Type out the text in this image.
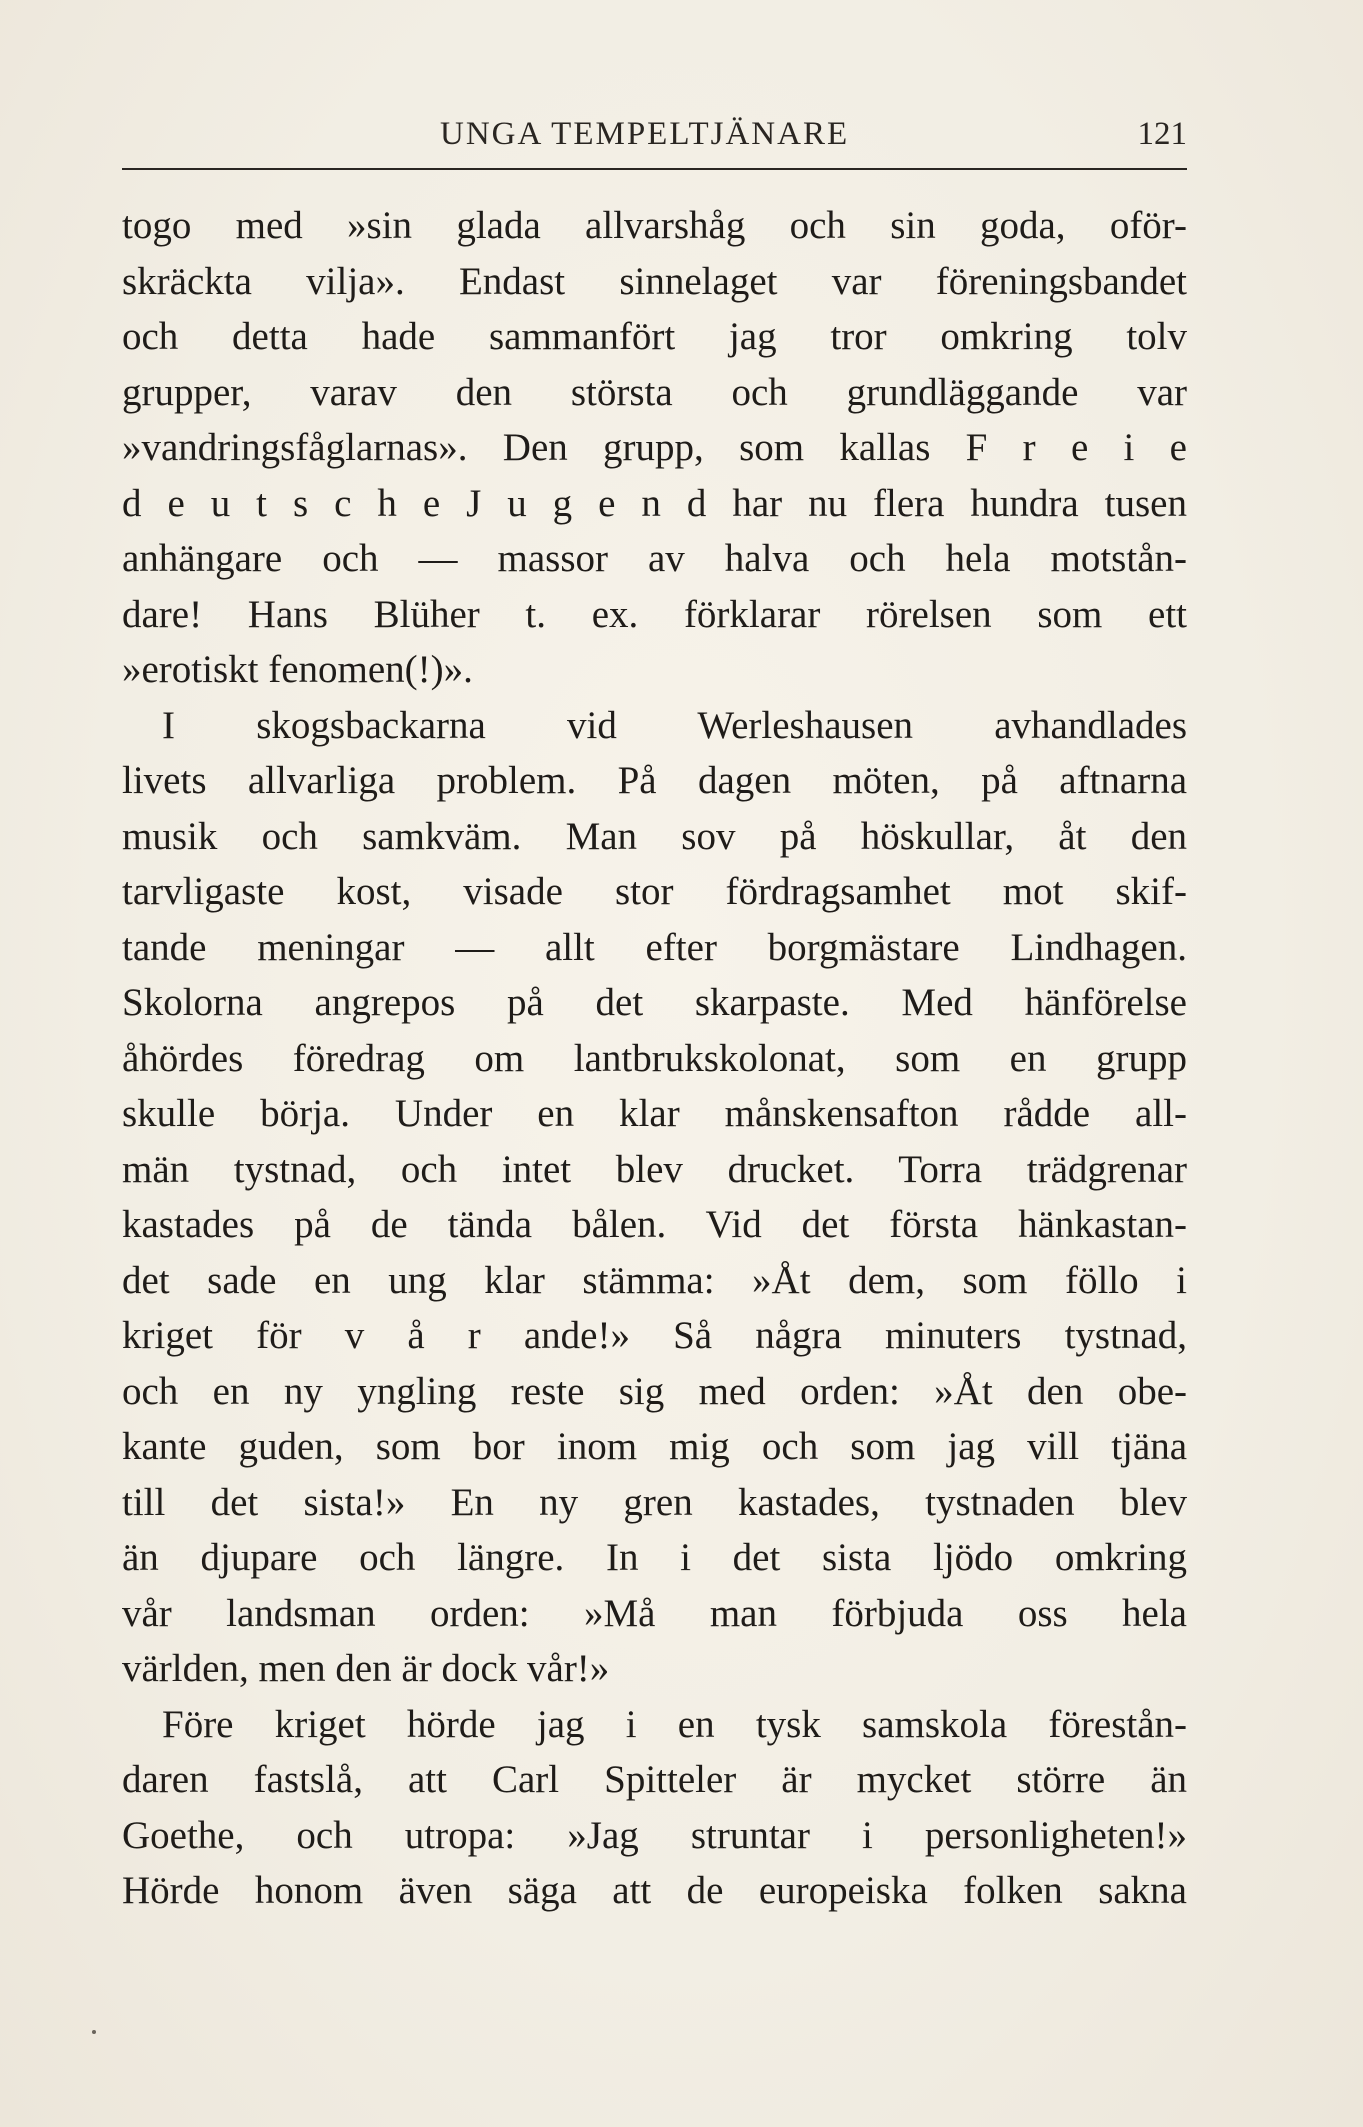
UNGA TEMPELTJÄNARE	121
togo med »sin glada allvarshåg och sin goda, oför-
skräckta vilja». Endast sinnelaget var föreningsbandet
och detta hade sammanfört jag tror omkring tolv
grupper, varav den största och grundläggande var
»vandringsfåglarnas». Den grupp, som kallas F r e i e
d e u t s c h e J u g e n d har nu flera hundra tusen
anhängare och — massor av halva och hela motstån-
dare! Hans Blüher t. ex. förklarar rörelsen som ett
»erotiskt fenomen(!)».
I skogsbackarna vid Werleshausen avhandlades
livets allvarliga problem. På dagen möten, på aftnarna
musik och samkväm. Man sov på höskullar, åt den
tarvligaste kost, visade stor fördragsamhet mot skif-
tande meningar — allt efter borgmästare Lindhagen.
Skolorna angrepos på det skarpaste. Med hänförelse
åhördes föredrag om lantbrukskolonat, som en grupp
skulle börja. Under en klar månskensafton rådde all-
män tystnad, och intet blev drucket. Torra trädgrenar
kastades på de tända bålen. Vid det första hänkastan-
det sade en ung klar stämma: »Åt dem, som föllo i
kriget för v å r ande!» Så några minuters tystnad,
och en ny yngling reste sig med orden: »Åt den obe-
kante guden, som bor inom mig och som jag vill tjäna
till det sista!» En ny gren kastades, tystnaden blev
än djupare och längre. In i det sista ljödo omkring
vår landsman orden: »Må man förbjuda oss hela
världen, men den är dock vår!»
Före kriget hörde jag i en tysk samskola förestån-
daren fastslå, att Carl Spitteler är mycket större än
Goethe, och utropa: »Jag struntar i personligheten!»
Hörde honom även säga att de europeiska folken sakna
